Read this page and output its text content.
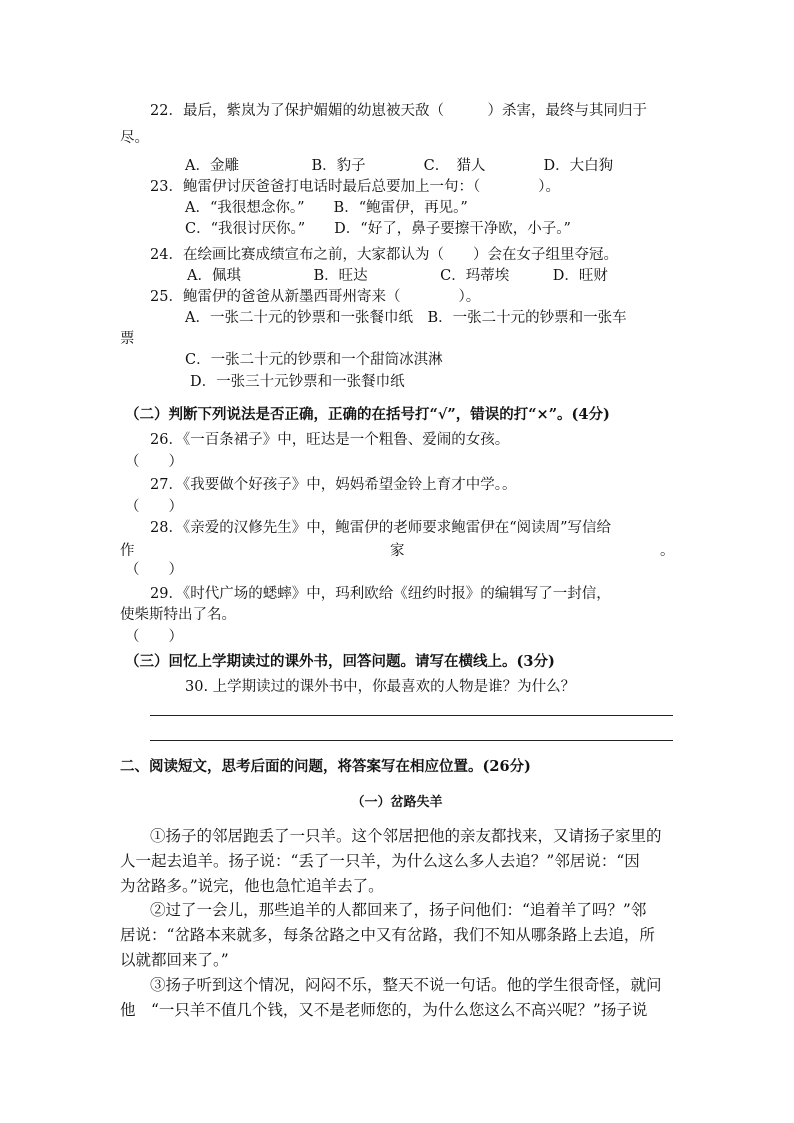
22．最后，紫岚为了保护媚媚的幼崽被天敌（　　　）杀害，最终与其同归于
尽。
A．金雕　　　　　B．豹子　　　　C．　猎人　　　　D．大白狗
23．鲍雷伊讨厌爸爸打电话时最后总要加上一句：（　　　　）。
A．“我很想念你。”　　B．“鲍雷伊，再见。”
C．“我很讨厌你。”　　D．“好了，鼻子要擦干净欧，小子。”
24．在绘画比赛成绩宣布之前，大家都认为（　　）会在女子组里夺冠。
A．佩琪　　　　　B．旺达　　　　　C．玛蒂埃　　　D．旺财
25．鲍雷伊的爸爸从新墨西哥州寄来（　　　　）。
A．一张二十元的钞票和一张餐巾纸　B．一张二十元的钞票和一张车
票
C．一张二十元的钞票和一个甜筒冰淇淋
D．一张三十元钞票和一张餐巾纸
（二）判断下列说法是否正确，正确的在括号打“√”，错误的打“×”。(4分)
26．《一百条裙子》中，旺达是一个粗鲁、爱闹的女孩。
（　　）
27．《我要做个好孩子》中，妈妈希望金铃上育才中学。。
（　　）
28．《亲爱的汉修先生》中，鲍雷伊的老师要求鲍雷伊在“阅读周”写信给
作	家	。
（　　）
29．《时代广场的蟋蟀》中，玛利欧给《纽约时报》的编辑写了一封信，
使柴斯特出了名。
（　　）
（三）回忆上学期读过的课外书，回答问题。请写在横线上。(3分)
30. 上学期读过的课外书中，你最喜欢的人物是谁？为什么？
二、阅读短文，思考后面的问题，将答案写在相应位置。(26分)
（一）岔路失羊
①扬子的邻居跑丢了一只羊。这个邻居把他的亲友都找来，又请扬子家里的
人一起去追羊。扬子说：“丢了一只羊，为什么这么多人去追？”邻居说：“因
为岔路多。”说完，他也急忙追羊去了。
②过了一会儿，那些追羊的人都回来了，扬子问他们：“追着羊了吗？”邻
居说：“岔路本来就多，每条岔路之中又有岔路，我们不知从哪条路上去追，所
以就都回来了。”
③扬子听到这个情况，闷闷不乐，整天不说一句话。他的学生很奇怪，就问
他　“一只羊不值几个钱，又不是老师您的，为什么您这么不高兴呢？”扬子说
